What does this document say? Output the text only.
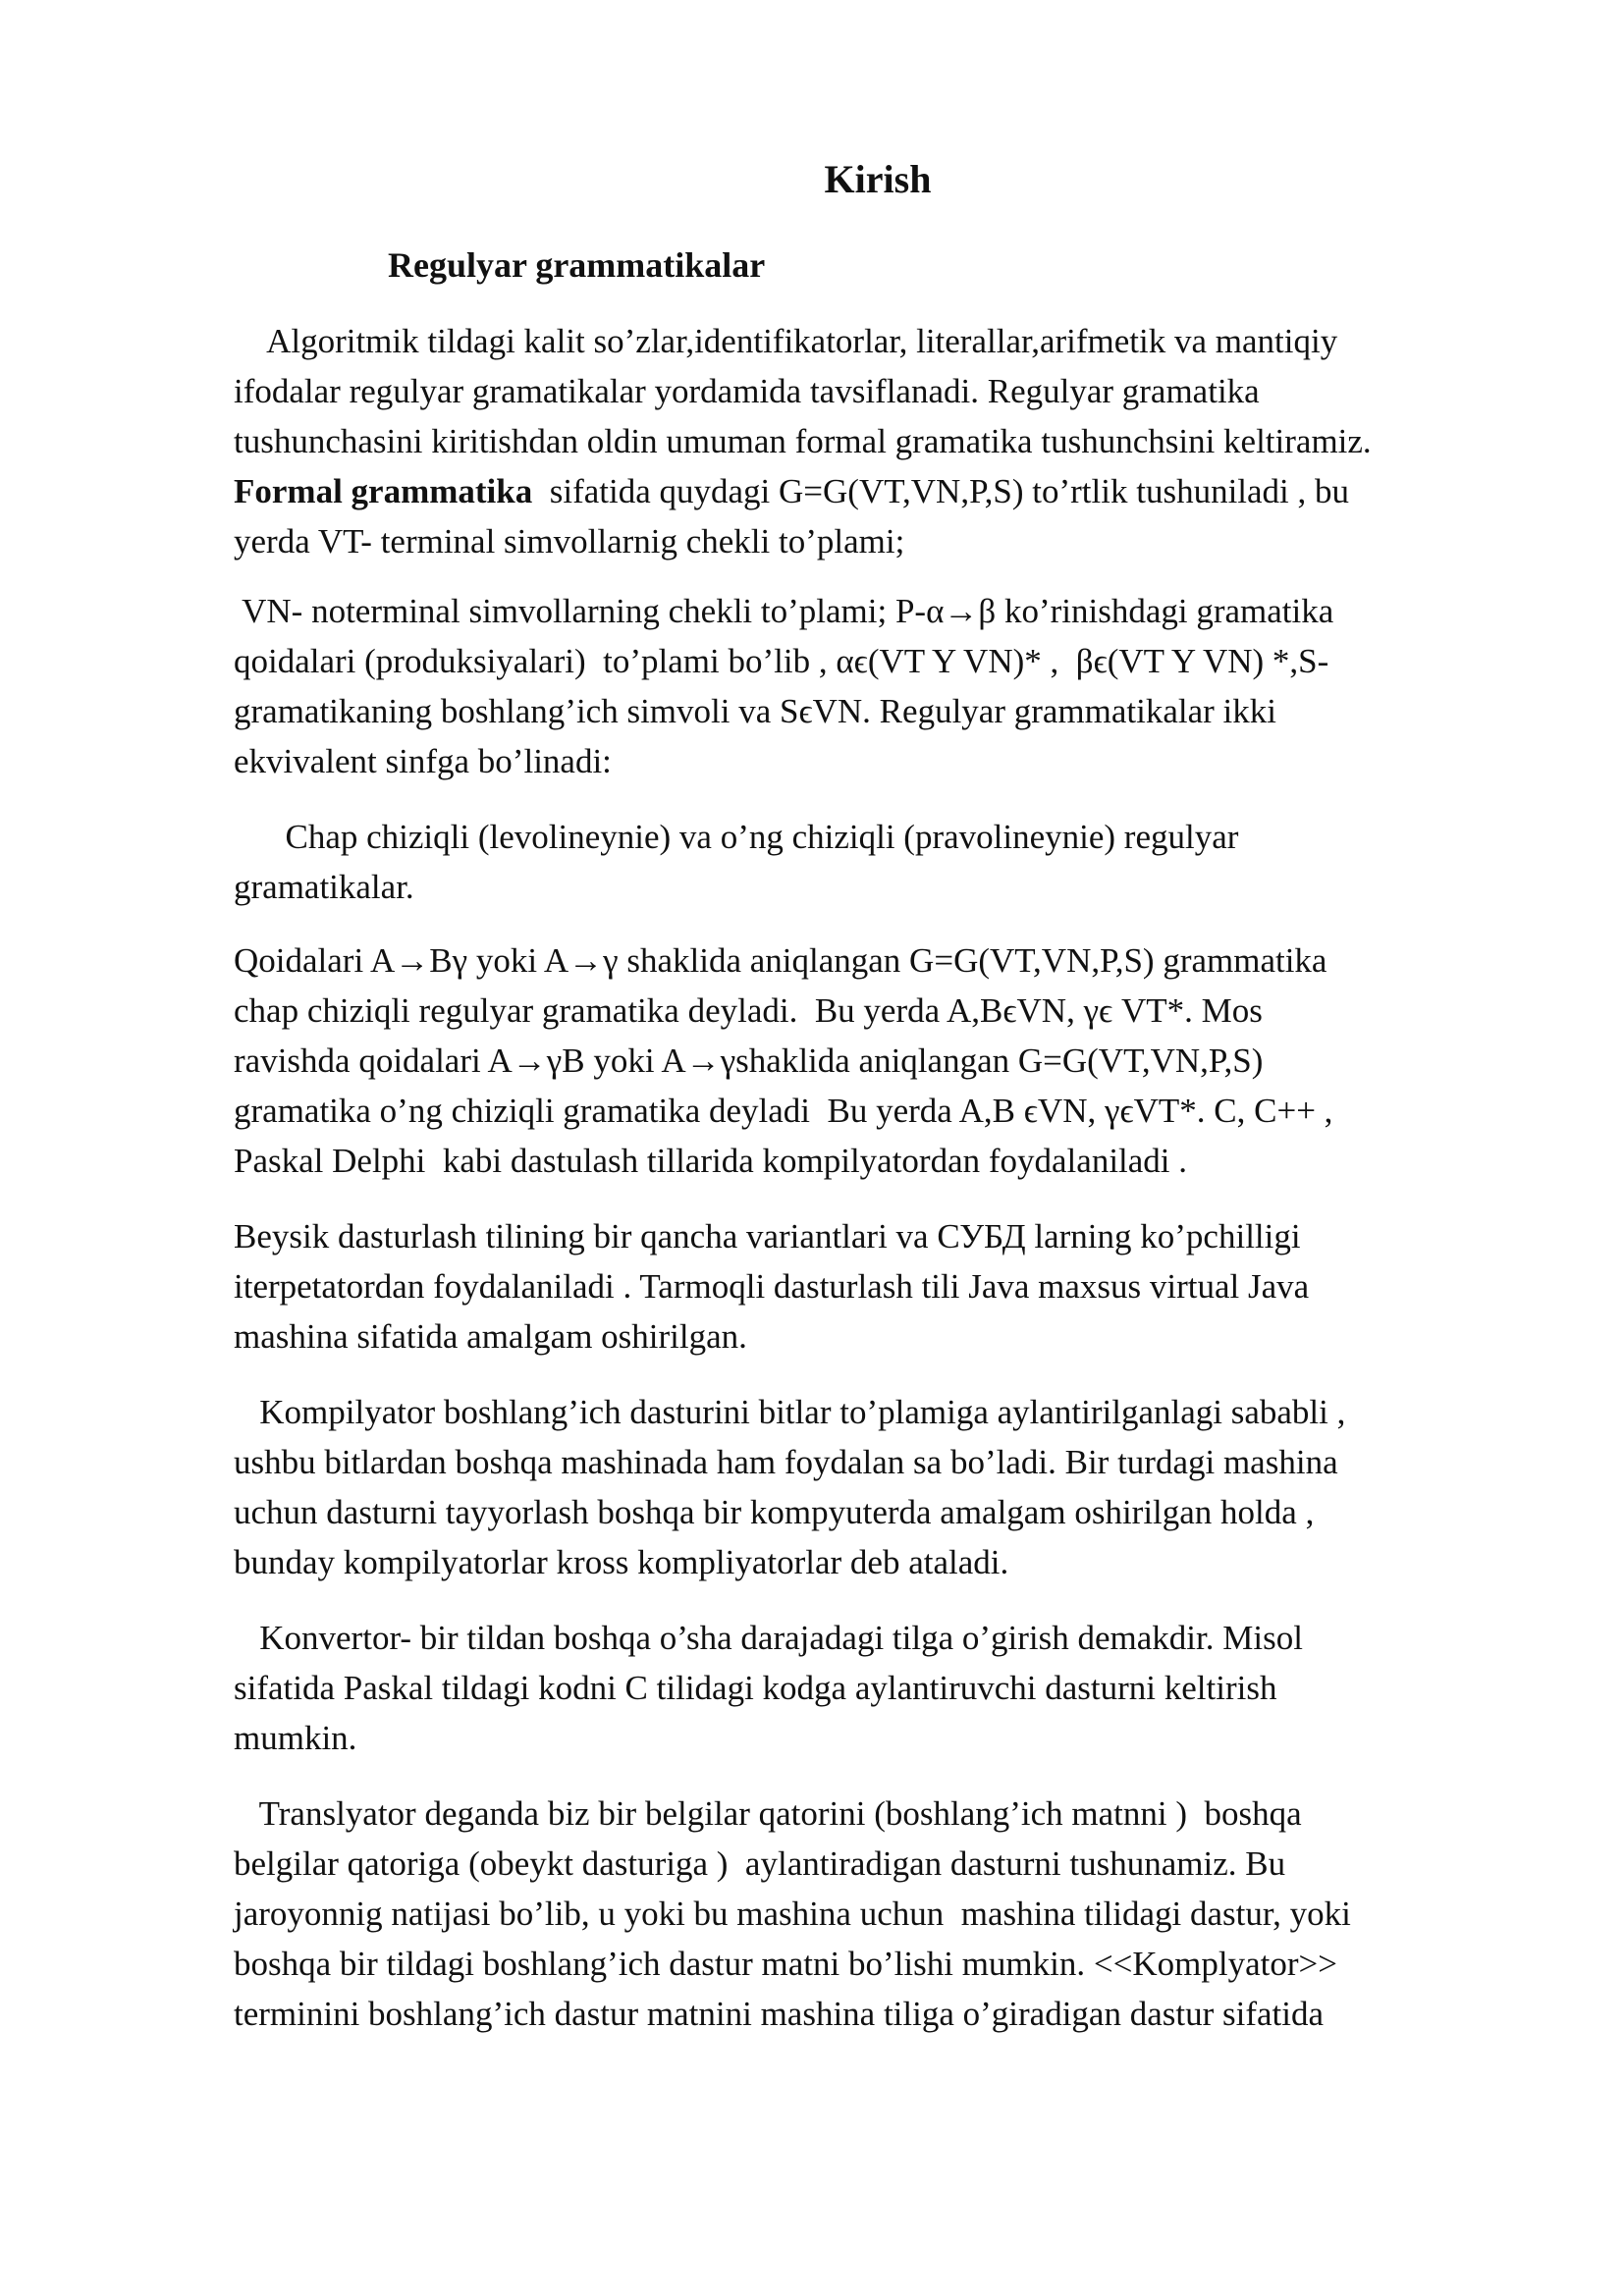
Kirish
Regulyar grammatikalar

Algoritmik tildagi kalit so’zlar,identifikatorlar, literallar,arifmetik va mantiqiy
ifodalar regulyar gramatikalar yordamida tavsiflanadi. Regulyar gramatika
tushunchasini kiritishdan oldin umuman formal gramatika tushunchsini keltiramiz.
Formal grammatika  sifatida quydagi G=G(VT,VN,P,S) to’rtlik tushuniladi , bu
yerda VT- terminal simvollarnig chekli to’plami;

VN- noterminal simvollarning chekli to’plami; P-α→β ko’rinishdagi gramatika
qoidalari (produksiyalari)  to’plami bo’lib , αϵ(VT Y VN)* ,  βϵ(VT Y VN) *,S-
gramatikaning boshlang’ich simvoli va SϵVN. Regulyar grammatikalar ikki
ekvivalent sinfga bo’linadi:

Chap chiziqli (levolineynie) va o’ng chiziqli (pravolineynie) regulyar
gramatikalar.

Qoidalari A→Bγ yoki A→γ shaklida aniqlangan G=G(VT,VN,P,S) grammatika
chap chiziqli regulyar gramatika deyladi.  Bu yerda A,BϵVN, γϵ VT*. Mos
ravishda qoidalari A→γB yoki A→γshaklida aniqlangan G=G(VT,VN,P,S)
gramatika o’ng chiziqli gramatika deyladi  Bu yerda A,B ϵVN, γϵVT*. C, C++ ,
Paskal Delphi  kabi dastulash tillarida kompilyatordan foydalaniladi .

Beysik dasturlash tilining bir qancha variantlari va СУБД larning ko’pchilligi
iterpetatordan foydalaniladi . Tarmoqli dasturlash tili Java maxsus virtual Java
mashina sifatida amalgam oshirilgan.

Kompilyator boshlang’ich dasturini bitlar to’plamiga aylantirilganlagi sababli ,
ushbu bitlardan boshqa mashinada ham foydalan sa bo’ladi. Bir turdagi mashina
uchun dasturni tayyorlash boshqa bir kompyuterda amalgam oshirilgan holda ,
bunday kompilyatorlar kross kompliyatorlar deb ataladi.

Konvertor- bir tildan boshqa o’sha darajadagi tilga o’girish demakdir. Misol
sifatida Paskal tildagi kodni C tilidagi kodga aylantiruvchi dasturni keltirish
mumkin.

Translyator deganda biz bir belgilar qatorini (boshlang’ich matnni )  boshqa
belgilar qatoriga (obeykt dasturiga )  aylantiradigan dasturni tushunamiz. Bu
jaroyonnig natijasi bo’lib, u yoki bu mashina uchun  mashina tilidagi dastur, yoki
boshqa bir tildagi boshlang’ich dastur matni bo’lishi mumkin. <<Komplyator>>
terminini boshlang’ich dastur matnini mashina tiliga o’giradigan dastur sifatida
